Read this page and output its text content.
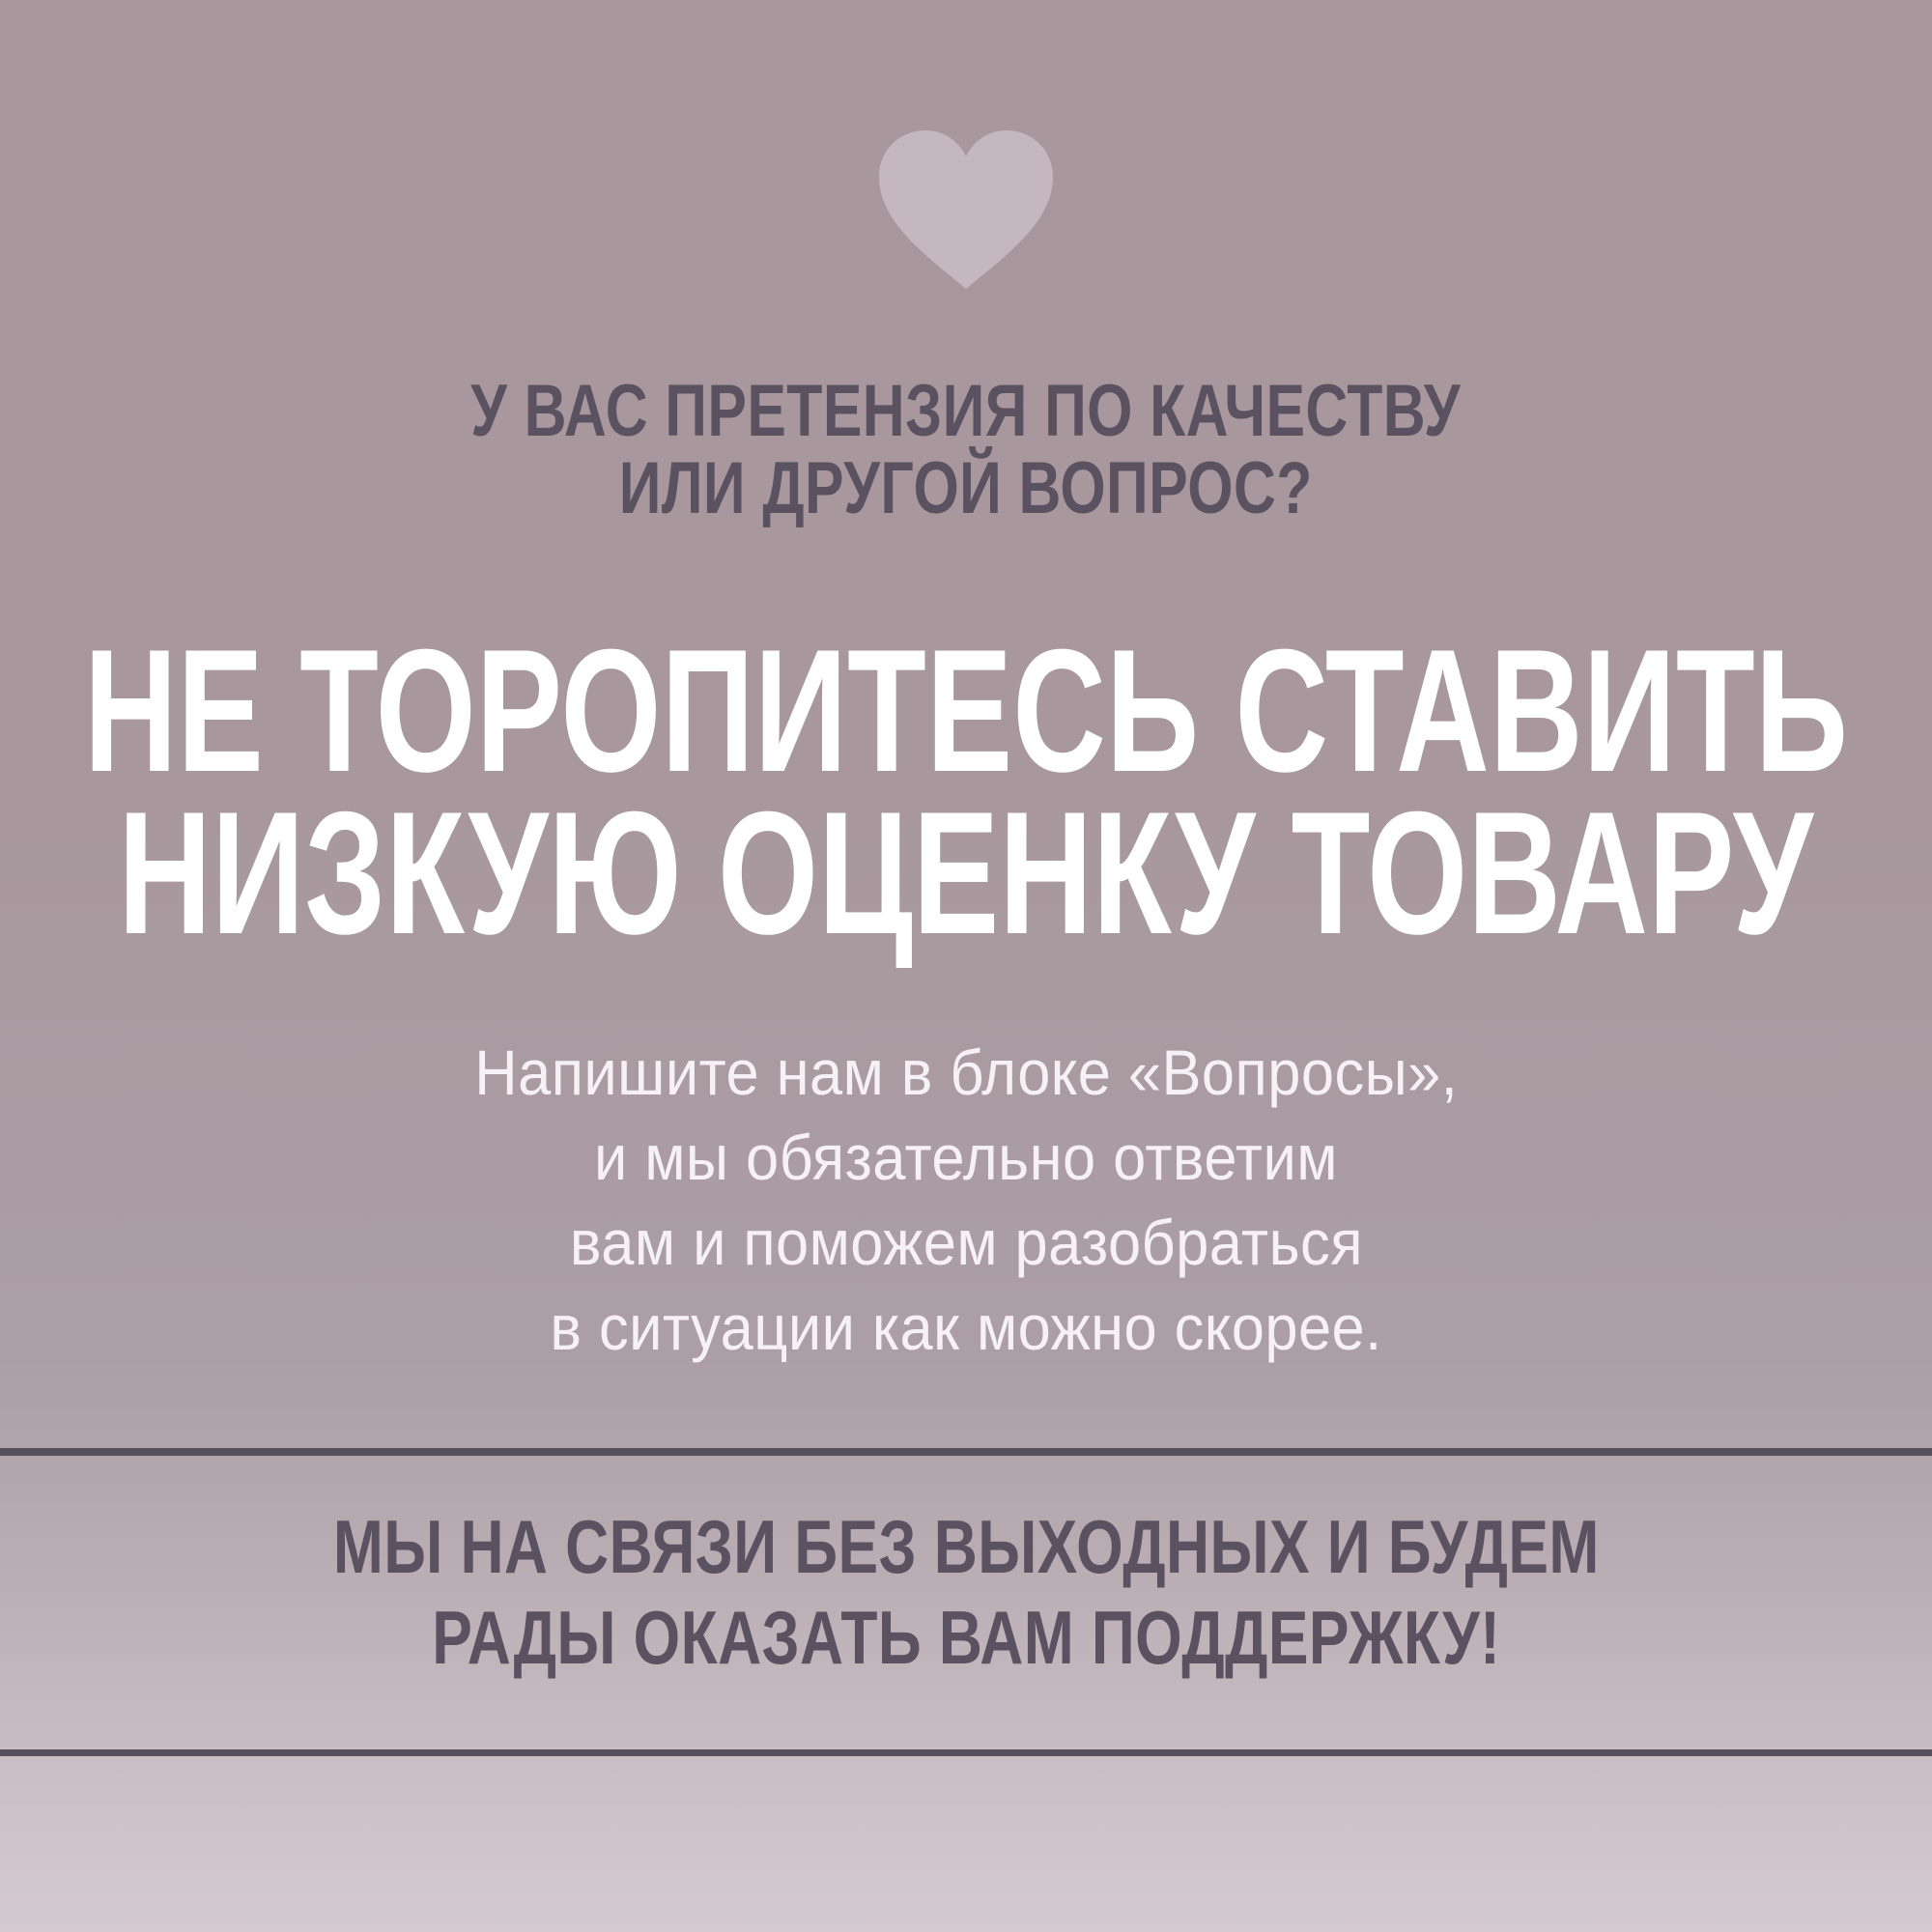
У ВАС ПРЕТЕНЗИЯ ПО КАЧЕСТВУ
ИЛИ ДРУГОЙ ВОПРОС?
НЕ ТОРОПИТЕСЬ СТАВИТЬ
НИЗКУЮ ОЦЕНКУ ТОВАРУ
Напишите нам в блоке «Вопросы»,
и мы обязательно ответим
вам и поможем разобраться
в ситуации как можно скорее.
МЫ НА СВЯЗИ БЕЗ ВЫХОДНЫХ И БУДЕМ
РАДЫ ОКАЗАТЬ ВАМ ПОДДЕРЖКУ!
